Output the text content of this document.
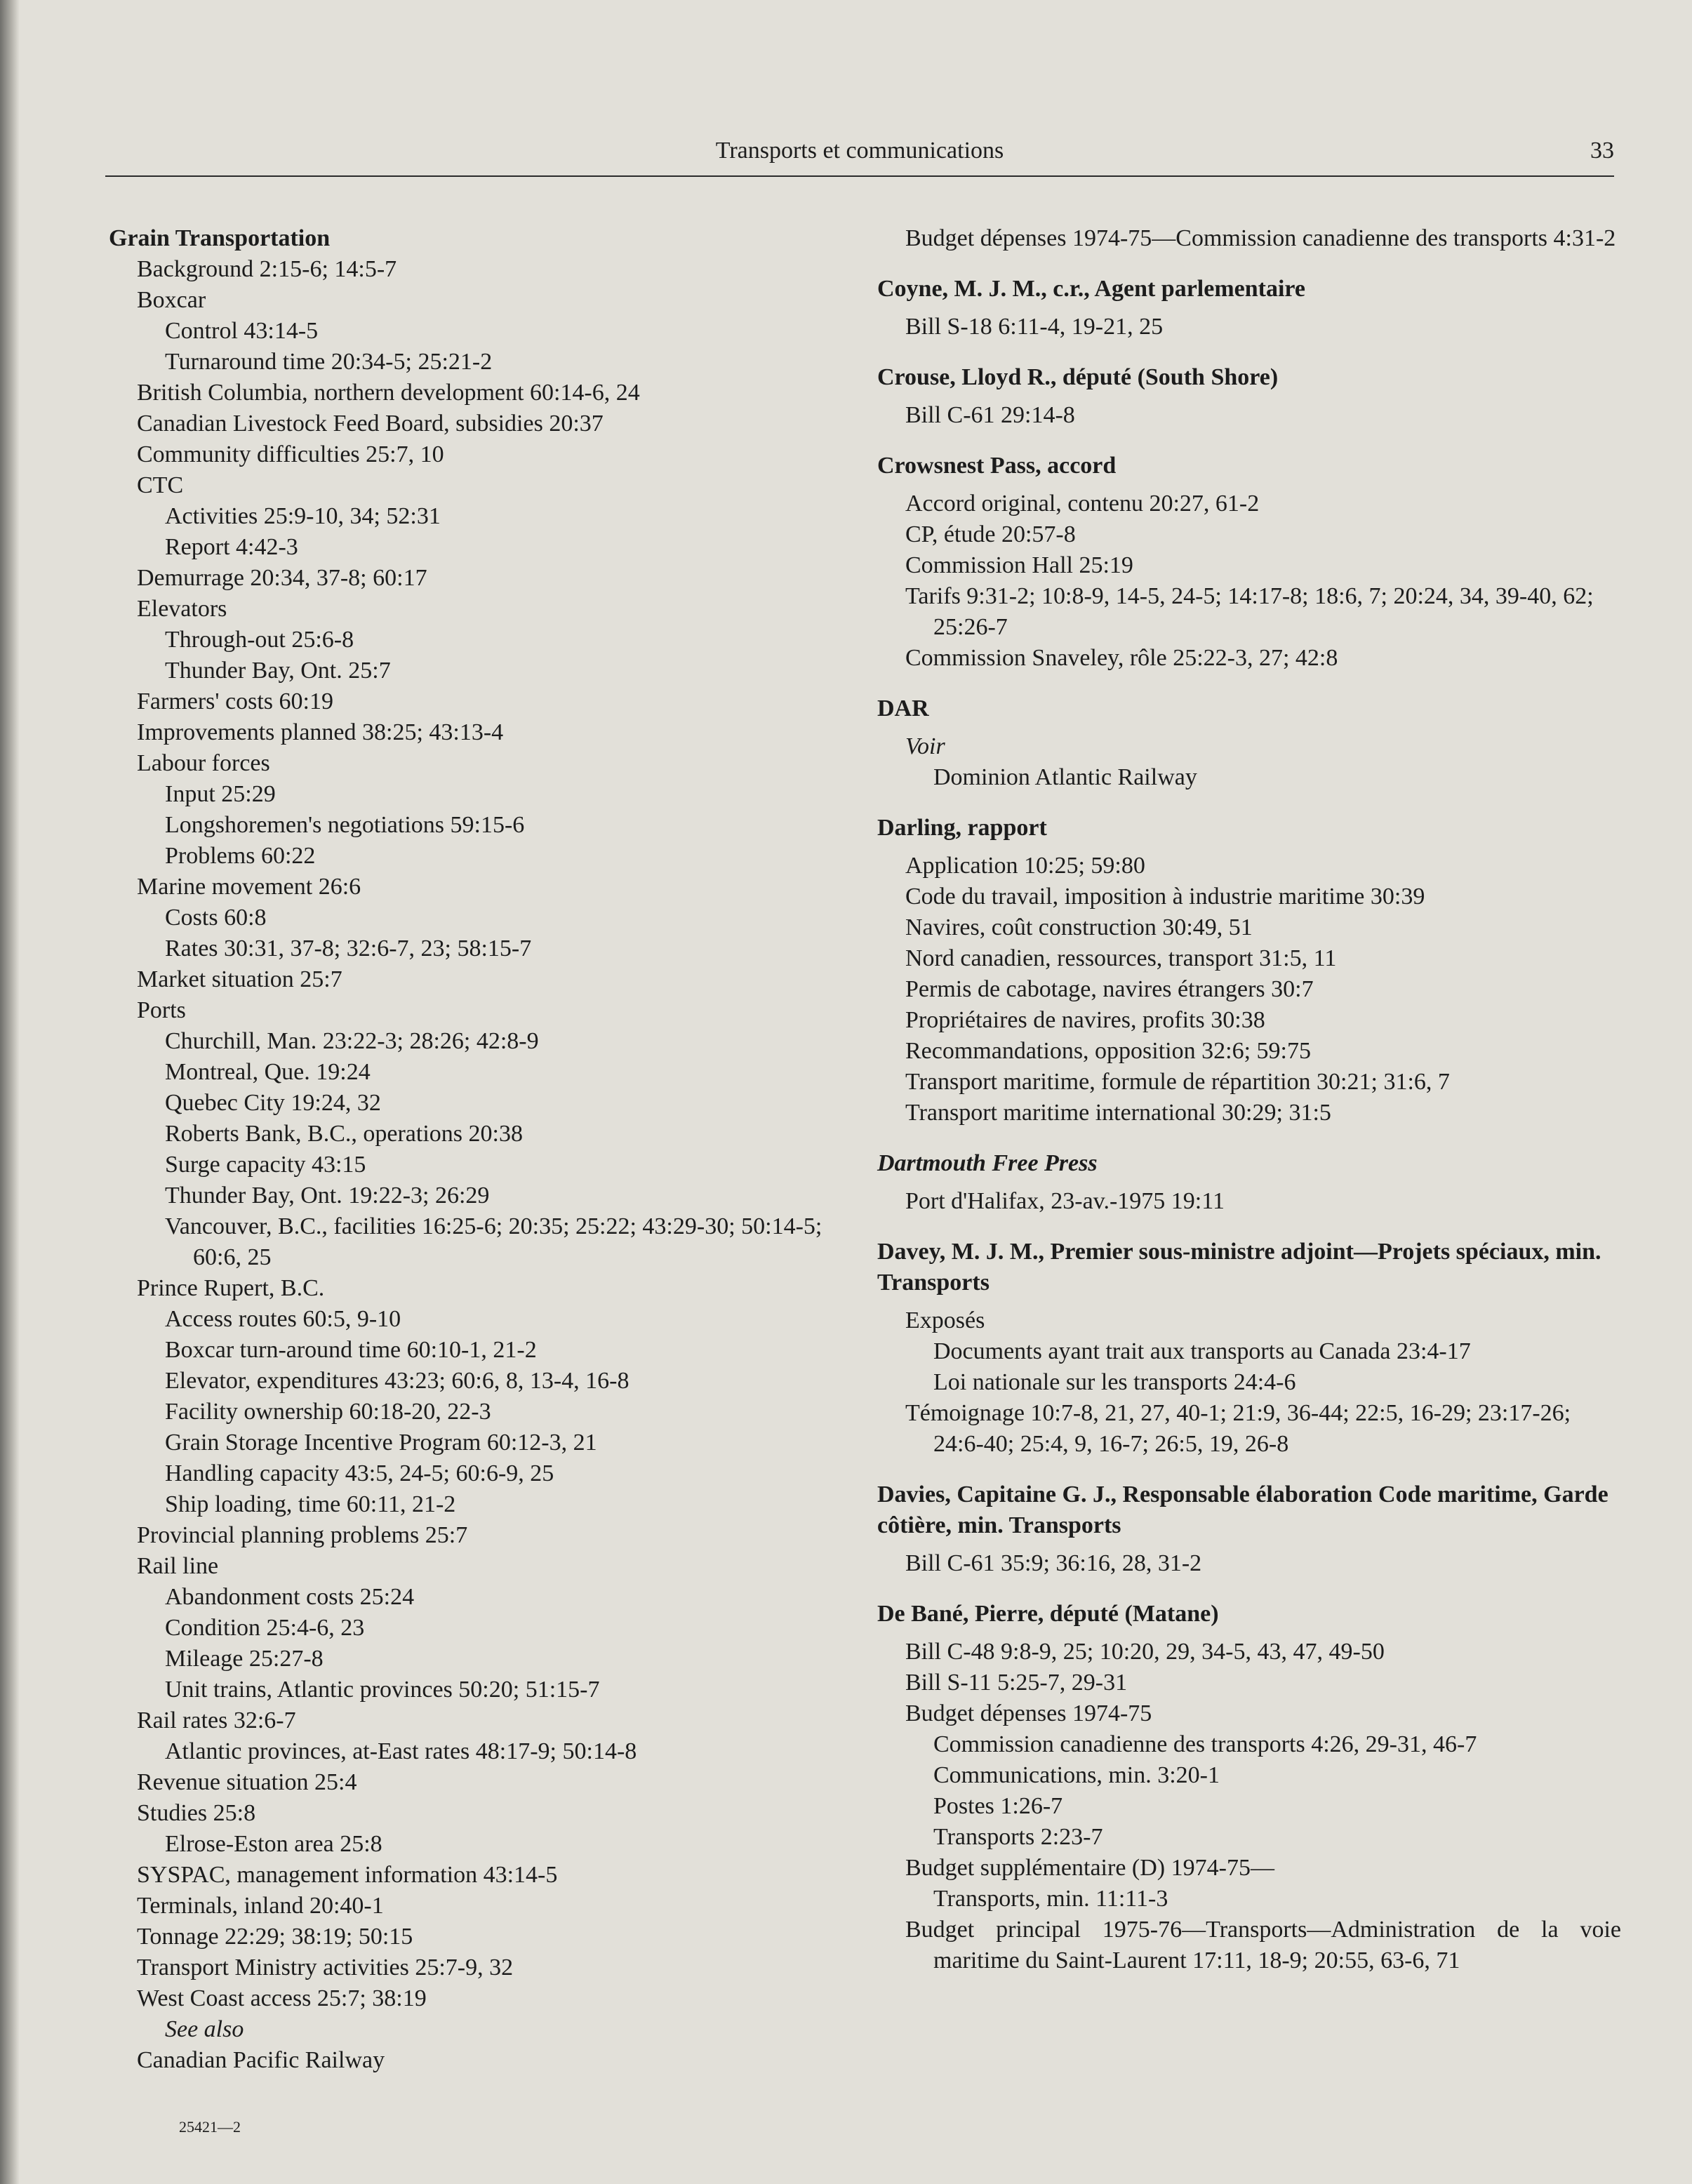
Transports et communications	33
Grain Transportation
Background 2:15-6; 14:5-7
Boxcar
Control 43:14-5
Turnaround time 20:34-5; 25:21-2
British Columbia, northern development 60:14-6, 24
Canadian Livestock Feed Board, subsidies 20:37
Community difficulties 25:7, 10
CTC
Activities 25:9-10, 34; 52:31
Report 4:42-3
Demurrage 20:34, 37-8; 60:17
Elevators
Through-out 25:6-8
Thunder Bay, Ont. 25:7
Farmers' costs 60:19
Improvements planned 38:25; 43:13-4
Labour forces
Input 25:29
Longshoremen's negotiations 59:15-6
Problems 60:22
Marine movement 26:6
Costs 60:8
Rates 30:31, 37-8; 32:6-7, 23; 58:15-7
Market situation 25:7
Ports
Churchill, Man. 23:22-3; 28:26; 42:8-9
Montreal, Que. 19:24
Quebec City 19:24, 32
Roberts Bank, B.C., operations 20:38
Surge capacity 43:15
Thunder Bay, Ont. 19:22-3; 26:29
Vancouver, B.C., facilities 16:25-6; 20:35; 25:22; 43:29-30; 50:14-5; 60:6, 25
Prince Rupert, B.C.
Access routes 60:5, 9-10
Boxcar turn-around time 60:10-1, 21-2
Elevator, expenditures 43:23; 60:6, 8, 13-4, 16-8
Facility ownership 60:18-20, 22-3
Grain Storage Incentive Program 60:12-3, 21
Handling capacity 43:5, 24-5; 60:6-9, 25
Ship loading, time 60:11, 21-2
Provincial planning problems 25:7
Rail line
Abandonment costs 25:24
Condition 25:4-6, 23
Mileage 25:27-8
Unit trains, Atlantic provinces 50:20; 51:15-7
Rail rates 32:6-7
Atlantic provinces, at-East rates 48:17-9; 50:14-8
Revenue situation 25:4
Studies 25:8
Elrose-Eston area 25:8
SYSPAC, management information 43:14-5
Terminals, inland 20:40-1
Tonnage 22:29; 38:19; 50:15
Transport Ministry activities 25:7-9, 32
West Coast access 25:7; 38:19
See also
Canadian Pacific Railway
Budget dépenses 1974-75—Commission canadienne des transports 4:31-2
Coyne, M. J. M., c.r., Agent parlementaire
Bill S-18 6:11-4, 19-21, 25
Crouse, Lloyd R., député (South Shore)
Bill C-61 29:14-8
Crowsnest Pass, accord
Accord original, contenu 20:27, 61-2
CP, étude 20:57-8
Commission Hall 25:19
Tarifs 9:31-2; 10:8-9, 14-5, 24-5; 14:17-8; 18:6, 7; 20:24, 34, 39-40, 62; 25:26-7
Commission Snaveley, rôle 25:22-3, 27; 42:8
DAR
Voir
Dominion Atlantic Railway
Darling, rapport
Application 10:25; 59:80
Code du travail, imposition à industrie maritime 30:39
Navires, coût construction 30:49, 51
Nord canadien, ressources, transport 31:5, 11
Permis de cabotage, navires étrangers 30:7
Propriétaires de navires, profits 30:38
Recommandations, opposition 32:6; 59:75
Transport maritime, formule de répartition 30:21; 31:6, 7
Transport maritime international 30:29; 31:5
Dartmouth Free Press
Port d'Halifax, 23-av.-1975 19:11
Davey, M. J. M., Premier sous-ministre adjoint—Projets spéciaux, min. Transports
Exposés
Documents ayant trait aux transports au Canada 23:4-17
Loi nationale sur les transports 24:4-6
Témoignage 10:7-8, 21, 27, 40-1; 21:9, 36-44; 22:5, 16-29; 23:17-26; 24:6-40; 25:4, 9, 16-7; 26:5, 19, 26-8
Davies, Capitaine G. J., Responsable élaboration Code maritime, Garde côtière, min. Transports
Bill C-61 35:9; 36:16, 28, 31-2
De Bané, Pierre, député (Matane)
Bill C-48 9:8-9, 25; 10:20, 29, 34-5, 43, 47, 49-50
Bill S-11 5:25-7, 29-31
Budget dépenses 1974-75
Commission canadienne des transports 4:26, 29-31, 46-7
Communications, min. 3:20-1
Postes 1:26-7
Transports 2:23-7
Budget supplémentaire (D) 1974-75—
Transports, min. 11:11-3
Budget principal 1975-76—Transports—Administration de la voie maritime du Saint-Laurent 17:11, 18-9; 20:55, 63-6, 71
25421—2
